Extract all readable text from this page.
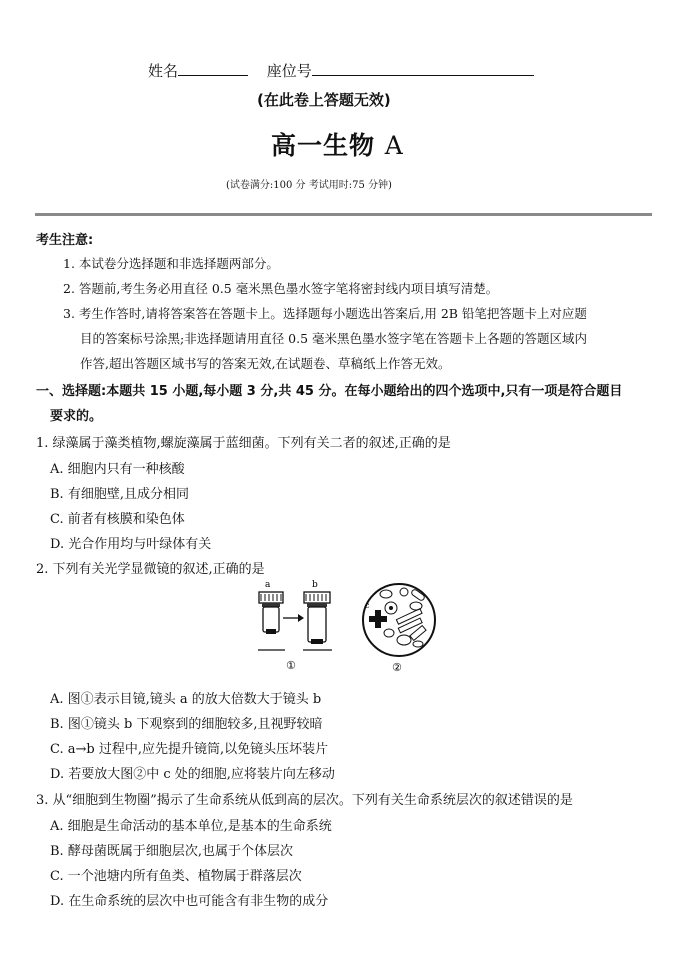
姓名	座位号
(在此卷上答题无效)
高一生物 A
(试卷满分:100 分 考试用时:75 分钟)
考生注意:
1. 本试卷分选择题和非选择题两部分。
2. 答题前,考生务必用直径 0.5 毫米黑色墨水签字笔将密封线内项目填写清楚。
3. 考生作答时,请将答案答在答题卡上。选择题每小题选出答案后,用 2B 铅笔把答题卡上对应题
目的答案标号涂黑;非选择题请用直径 0.5 毫米黑色墨水签字笔在答题卡上各题的答题区域内
作答,超出答题区域书写的答案无效,在试题卷、草稿纸上作答无效。
一、选择题:本题共 15 小题,每小题 3 分,共 45 分。在每小题给出的四个选项中,只有一项是符合题目
要求的。
1. 绿藻属于藻类植物,螺旋藻属于蓝细菌。下列有关二者的叙述,正确的是
A. 细胞内只有一种核酸
B. 有细胞壁,且成分相同
C. 前者有核膜和染色体
D. 光合作用均与叶绿体有关
2. 下列有关光学显微镜的叙述,正确的是
a	b
①
c
②
A. 图①表示目镜,镜头 a 的放大倍数大于镜头 b
B. 图①镜头 b 下观察到的细胞较多,且视野较暗
C. a→b 过程中,应先提升镜筒,以免镜头压坏装片
D. 若要放大图②中 c 处的细胞,应将装片向左移动
3. 从“细胞到生物圈”揭示了生命系统从低到高的层次。下列有关生命系统层次的叙述错误的是
A. 细胞是生命活动的基本单位,是基本的生命系统
B. 酵母菌既属于细胞层次,也属于个体层次
C. 一个池塘内所有鱼类、植物属于群落层次
D. 在生命系统的层次中也可能含有非生物的成分
